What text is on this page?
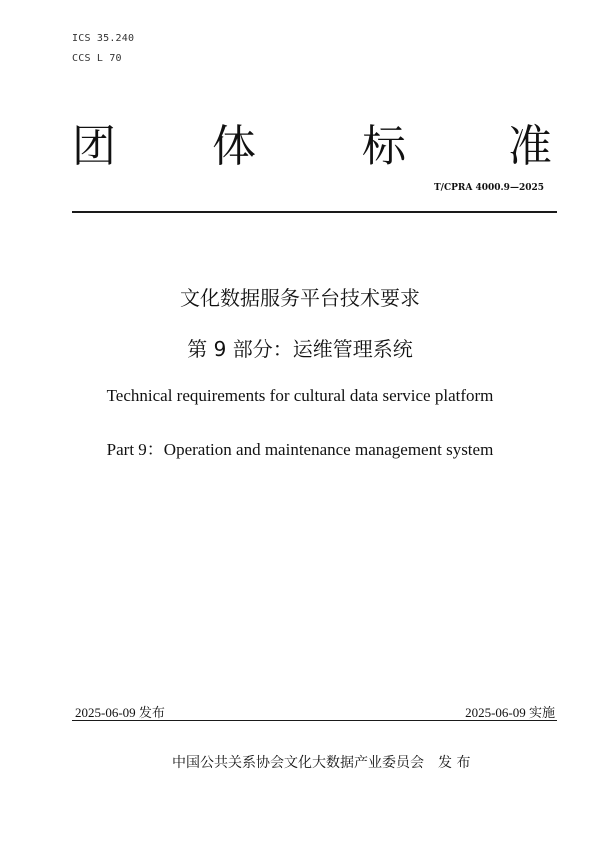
ICS 35.240
CCS L 70
团 体 标 准
T/CPRA 4000.9—2025
文化数据服务平台技术要求
第 9 部分：运维管理系统
Technical requirements for cultural data service platform
Part 9：Operation and maintenance management system
2025-06-09 发布	2025-06-09 实施
中国公共关系协会文化大数据产业委员会 发 布
